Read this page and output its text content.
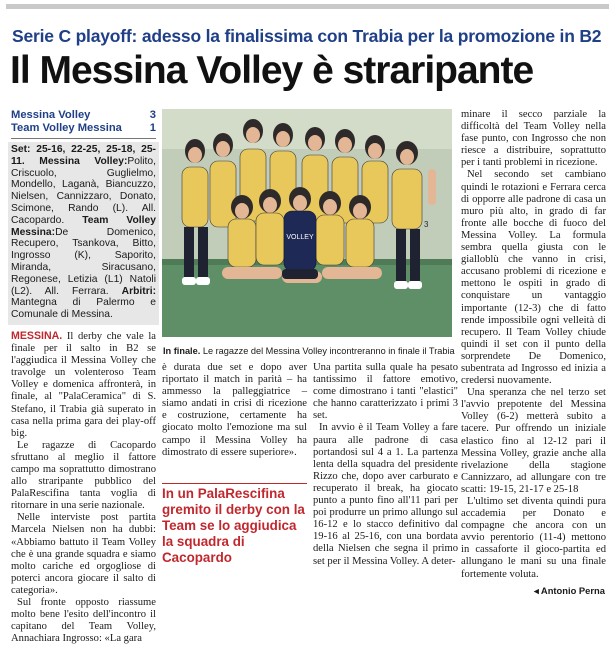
Serie C playoff: adesso la finalissima con Trabia per la promozione in B2
Il Messina Volley è straripante
Messina Volley	3
Team Volley Messina 1
Set: 25-16, 22-25, 25-18, 25-11. Messina Volley:Polito, Criscuolo, Guglielmo, Mondello, Laganà, Biancuzzo, Nielsen, Cannizzaro, Donato, Scimone, Rando (L). All. Cacopardo. Team Volley Messina:De Domenico, Recupero, Tsankova, Bitto, Ingrosso (K), Saporito, Miranda, Siracusano, Regonese, Letizia (L1) Natoli (L2). All. Ferrara. Arbitri: Mantegna di Palermo e Comunale di Messina.

MESSINA. Il derby che vale la finale per il salto in B2 se l'aggiudica il Messina Volley che travolge un volenteroso Team Volley e domenica affronterà, in finale, al "PalaCeramica" di S. Stefano, il Trabia già superato in casa nella prima gara dei play-off big.

Le ragazze di Cacopardo sfruttano al meglio il fattore campo ma soprattutto dimostrano allo straripante pubblico del PalaRescifina tanta voglia di ritornare in una serie nazionale.

Nelle interviste post partita Marcela Nielsen non ha dubbi: «Abbiamo battuto il Team Volley che è una grande squadra e siamo molto cariche ed orgogliose di poterci ancora giocare il salto di categoria».

Sul fronte opposto riassume molto bene l'esito dell'incontro il capitano del Team Volley, Annachiara Ingrosso: «La gara

VOLLEY
3
In finale. Le ragazze del Messina Volley incontreranno in finale il Trabia

è durata due set e dopo aver riportato il match in parità – ha ammesso la palleggiatrice – siamo andati in crisi di ricezione e costruzione, certamente ha giocato molto l'emozione ma sul campo il Messina Volley ha dimostrato di essere superiore».

In un PalaRescifina gremito il derby con la Team se lo aggiudica la squadra di Cacopardo

Una partita sulla quale ha pesato tantissimo il fattore emotivo, come dimostrano i tanti "elastici" che hanno caratterizzato i primi 3 set.

In avvio è il Team Volley a fare paura alle padrone di casa portandosi sul 4 a 1. La partenza lenta della squadra del presidente Rizzo che, dopo aver carburato e recuperato il break, ha giocato punto a punto fino all'11 pari per poi produrre un primo allungo sul 16-12 e lo stacco definitivo dal 19-16 al 25-16, con una bordata della Nielsen che segna il primo set per il Messina Volley. A deter-

minare il secco parziale la difficoltà del Team Volley nella fase punto, con Ingrosso che non riesce a distribuire, soprattutto per i tanti problemi in ricezione.

Nel secondo set cambiano quindi le rotazioni e Ferrara cerca di opporre alle padrone di casa un muro più alto, in grado di far fronte alle bocche di fuoco del Messina Volley. La formula sembra quella giusta con le gialloblù che vanno in crisi, accusano problemi di ricezione e mettono le ospiti in grado di conquistare un vantaggio importante (12-3) che di fatto rende impossibile ogni velleità di recupero. Il Team Volley chiude quindi il set con il punto della sorprendete De Domenico, subentrata ad Ingrosso ed inizia a credersi nuovamente.

Una speranza che nel terzo set l'avvio prepotente del Messina Volley (6-2) metterà subito a tacere. Pur offrendo un iniziale elastico fino al 12-12 pari il Messina Volley, grazie anche alla rivelazione della stagione Cannizzaro, ad allungare con tre scatti: 19-15, 21-17 e 25-18

L'ultimo set diventa quindi pura accademia per Donato e compagne che ancora con un avvio perentorio (11-4) mettono in cassaforte il gioco-partita ed allungano le mani su una finale fortemente voluta.

◂ Antonio Perna
